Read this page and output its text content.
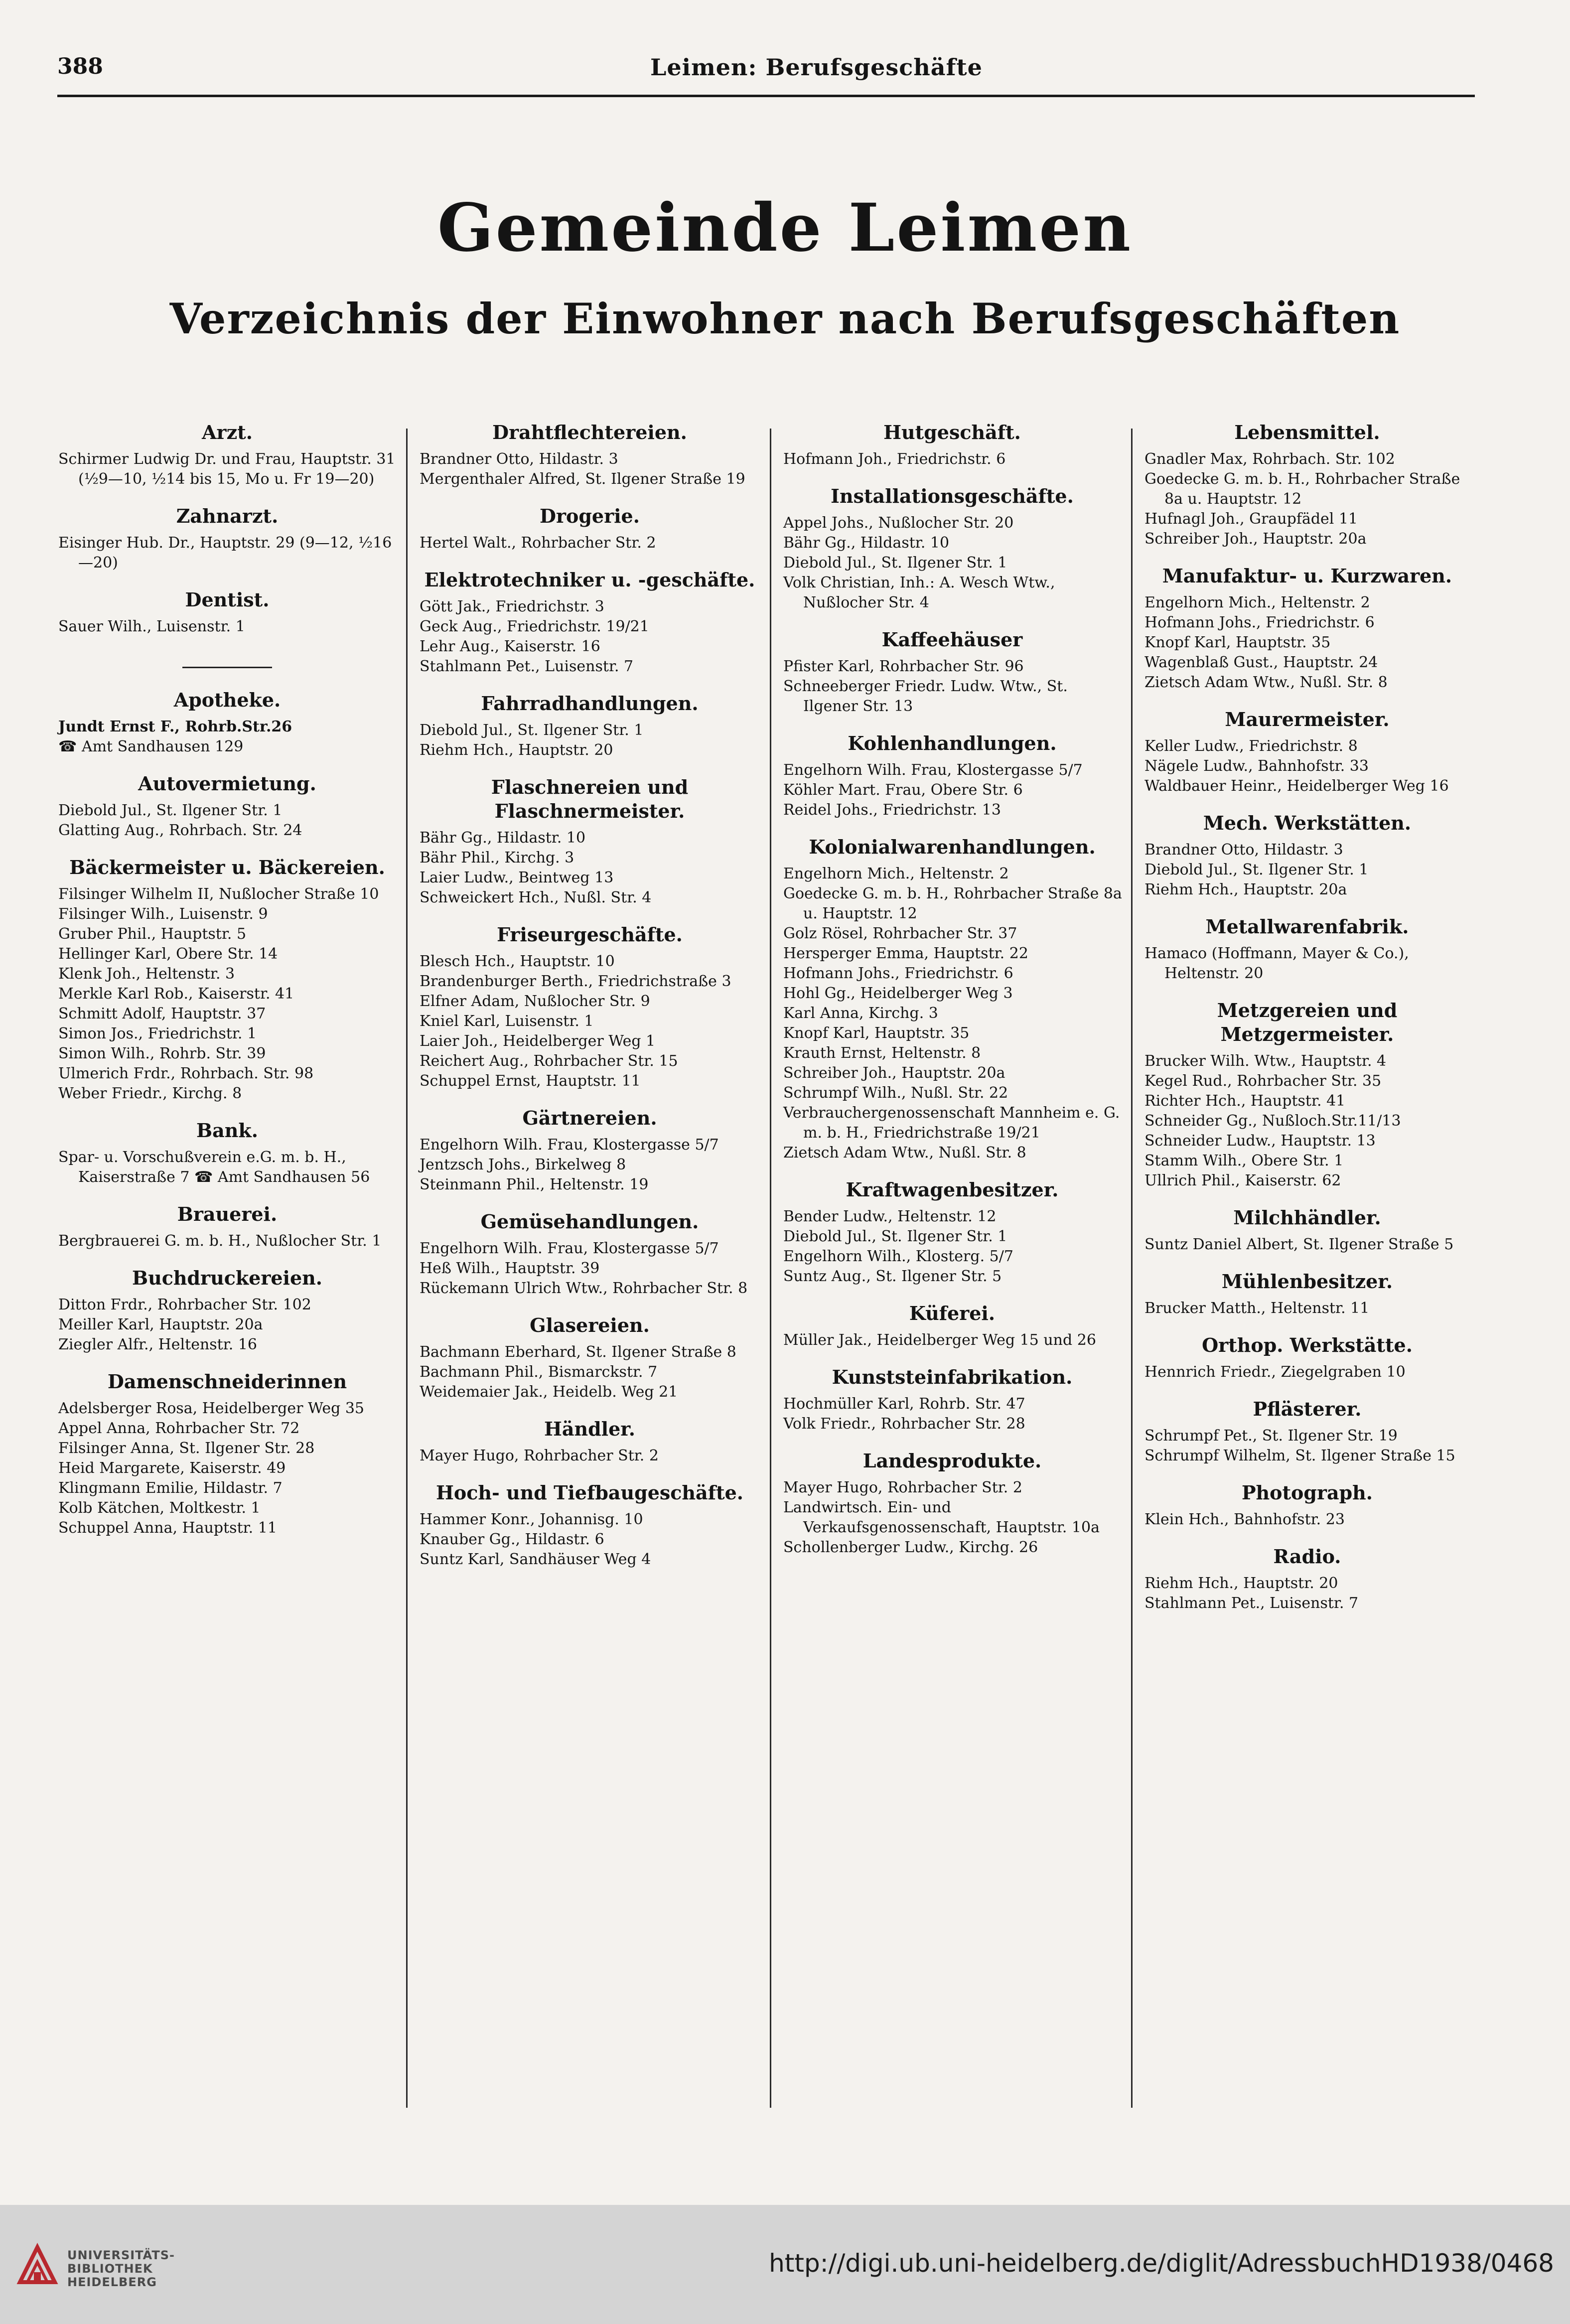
388	Leimen: Berufsgeschäfte
Gemeinde Leimen
Verzeichnis der Einwohner nach Berufsgeschäften
Arzt.

Schirmer Ludwig Dr. und Frau, Hauptstr. 31 (½9—10, ½14 bis 15, Mo u. Fr 19—20)

Zahnarzt.

Eisinger Hub. Dr., Hauptstr. 29 (9—12, ½16—20)

Dentist.

Sauer Wilh., Luisenstr. 1

Apotheke.

Jundt Ernst F., Rohrb.Str.26

☎ Amt Sandhausen 129

Autovermietung.

Diebold Jul., St. Ilgener Str. 1

Glatting Aug., Rohrbach. Str. 24

Bäckermeister u. Bäckereien.

Filsinger Wilhelm II, Nußlocher Straße 10

Filsinger Wilh., Luisenstr. 9

Gruber Phil., Hauptstr. 5

Hellinger Karl, Obere Str. 14

Klenk Joh., Heltenstr. 3

Merkle Karl Rob., Kaiserstr. 41

Schmitt Adolf, Hauptstr. 37

Simon Jos., Friedrichstr. 1

Simon Wilh., Rohrb. Str. 39

Ulmerich Frdr., Rohrbach. Str. 98

Weber Friedr., Kirchg. 8

Bank.

Spar- u. Vorschußverein e.G. m. b. H., Kaiserstraße 7 ☎ Amt Sandhausen 56

Brauerei.

Bergbrauerei G. m. b. H., Nußlocher Str. 1

Buchdruckereien.

Ditton Frdr., Rohrbacher Str. 102

Meiller Karl, Hauptstr. 20a

Ziegler Alfr., Heltenstr. 16

Damenschneiderinnen

Adelsberger Rosa, Heidelberger Weg 35

Appel Anna, Rohrbacher Str. 72

Filsinger Anna, St. Ilgener Str. 28

Heid Margarete, Kaiserstr. 49

Klingmann Emilie, Hildastr. 7

Kolb Kätchen, Moltkestr. 1

Schuppel Anna, Hauptstr. 11

Drahtflechtereien.

Brandner Otto, Hildastr. 3

Mergenthaler Alfred, St. Ilgener Straße 19

Drogerie.

Hertel Walt., Rohrbacher Str. 2

Elektrotechniker u. -geschäfte.

Gött Jak., Friedrichstr. 3

Geck Aug., Friedrichstr. 19/21

Lehr Aug., Kaiserstr. 16

Stahlmann Pet., Luisenstr. 7

Fahrradhandlungen.

Diebold Jul., St. Ilgener Str. 1

Riehm Hch., Hauptstr. 20

Flaschnereien und Flaschnermeister.

Bähr Gg., Hildastr. 10

Bähr Phil., Kirchg. 3

Laier Ludw., Beintweg 13

Schweickert Hch., Nußl. Str. 4

Friseurgeschäfte.

Blesch Hch., Hauptstr. 10

Brandenburger Berth., Friedrichstraße 3

Elfner Adam, Nußlocher Str. 9

Kniel Karl, Luisenstr. 1

Laier Joh., Heidelberger Weg 1

Reichert Aug., Rohrbacher Str. 15

Schuppel Ernst, Hauptstr. 11

Gärtnereien.

Engelhorn Wilh. Frau, Klostergasse 5/7

Jentzsch Johs., Birkelweg 8

Steinmann Phil., Heltenstr. 19

Gemüsehandlungen.

Engelhorn Wilh. Frau, Klostergasse 5/7

Heß Wilh., Hauptstr. 39

Rückemann Ulrich Wtw., Rohrbacher Str. 8

Glasereien.

Bachmann Eberhard, St. Ilgener Straße 8

Bachmann Phil., Bismarckstr. 7

Weidemaier Jak., Heidelb. Weg 21

Händler.

Mayer Hugo, Rohrbacher Str. 2

Hoch- und Tiefbaugeschäfte.

Hammer Konr., Johannisg. 10

Knauber Gg., Hildastr. 6

Suntz Karl, Sandhäuser Weg 4

Hutgeschäft.

Hofmann Joh., Friedrichstr. 6

Installationsgeschäfte.

Appel Johs., Nußlocher Str. 20

Bähr Gg., Hildastr. 10

Diebold Jul., St. Ilgener Str. 1

Volk Christian, Inh.: A. Wesch Wtw., Nußlocher Str. 4

Kaffeehäuser

Pfister Karl, Rohrbacher Str. 96

Schneeberger Friedr. Ludw. Wtw., St. Ilgener Str. 13

Kohlenhandlungen.

Engelhorn Wilh. Frau, Klostergasse 5/7

Köhler Mart. Frau, Obere Str. 6

Reidel Johs., Friedrichstr. 13

Kolonialwarenhandlungen.

Engelhorn Mich., Heltenstr. 2

Goedecke G. m. b. H., Rohrbacher Straße 8a u. Hauptstr. 12

Golz Rösel, Rohrbacher Str. 37

Hersperger Emma, Hauptstr. 22

Hofmann Johs., Friedrichstr. 6

Hohl Gg., Heidelberger Weg 3

Karl Anna, Kirchg. 3

Knopf Karl, Hauptstr. 35

Krauth Ernst, Heltenstr. 8

Schreiber Joh., Hauptstr. 20a

Schrumpf Wilh., Nußl. Str. 22

Verbrauchergenossenschaft Mannheim e. G. m. b. H., Friedrichstraße 19/21

Zietsch Adam Wtw., Nußl. Str. 8

Kraftwagenbesitzer.

Bender Ludw., Heltenstr. 12

Diebold Jul., St. Ilgener Str. 1

Engelhorn Wilh., Klosterg. 5/7

Suntz Aug., St. Ilgener Str. 5

Küferei.

Müller Jak., Heidelberger Weg 15 und 26

Kunststeinfabrikation.

Hochmüller Karl, Rohrb. Str. 47

Volk Friedr., Rohrbacher Str. 28

Landesprodukte.

Mayer Hugo, Rohrbacher Str. 2

Landwirtsch. Ein- und Verkaufsgenossenschaft, Hauptstr. 10a

Schollenberger Ludw., Kirchg. 26

Lebensmittel.

Gnadler Max, Rohrbach. Str. 102

Goedecke G. m. b. H., Rohrbacher Straße 8a u. Hauptstr. 12

Hufnagl Joh., Graupfädel 11

Schreiber Joh., Hauptstr. 20a

Manufaktur- u. Kurzwaren.

Engelhorn Mich., Heltenstr. 2

Hofmann Johs., Friedrichstr. 6

Knopf Karl, Hauptstr. 35

Wagenblaß Gust., Hauptstr. 24

Zietsch Adam Wtw., Nußl. Str. 8

Maurermeister.

Keller Ludw., Friedrichstr. 8

Nägele Ludw., Bahnhofstr. 33

Waldbauer Heinr., Heidelberger Weg 16

Mech. Werkstätten.

Brandner Otto, Hildastr. 3

Diebold Jul., St. Ilgener Str. 1

Riehm Hch., Hauptstr. 20a

Metallwarenfabrik.

Hamaco (Hoffmann, Mayer & Co.), Heltenstr. 20

Metzgereien und Metzgermeister.

Brucker Wilh. Wtw., Hauptstr. 4

Kegel Rud., Rohrbacher Str. 35

Richter Hch., Hauptstr. 41

Schneider Gg., Nußloch.Str.11/13

Schneider Ludw., Hauptstr. 13

Stamm Wilh., Obere Str. 1

Ullrich Phil., Kaiserstr. 62

Milchhändler.

Suntz Daniel Albert, St. Ilgener Straße 5

Mühlenbesitzer.

Brucker Matth., Heltenstr. 11

Orthop. Werkstätte.

Hennrich Friedr., Ziegelgraben 10

Pflästerer.

Schrumpf Pet., St. Ilgener Str. 19

Schrumpf Wilhelm, St. Ilgener Straße 15

Photograph.

Klein Hch., Bahnhofstr. 23

Radio.

Riehm Hch., Hauptstr. 20

Stahlmann Pet., Luisenstr. 7

UNIVERSITÄTS-
BIBLIOTHEK
HEIDELBERG
http://digi.ub.uni-heidelberg.de/diglit/AdressbuchHD1938/0468
